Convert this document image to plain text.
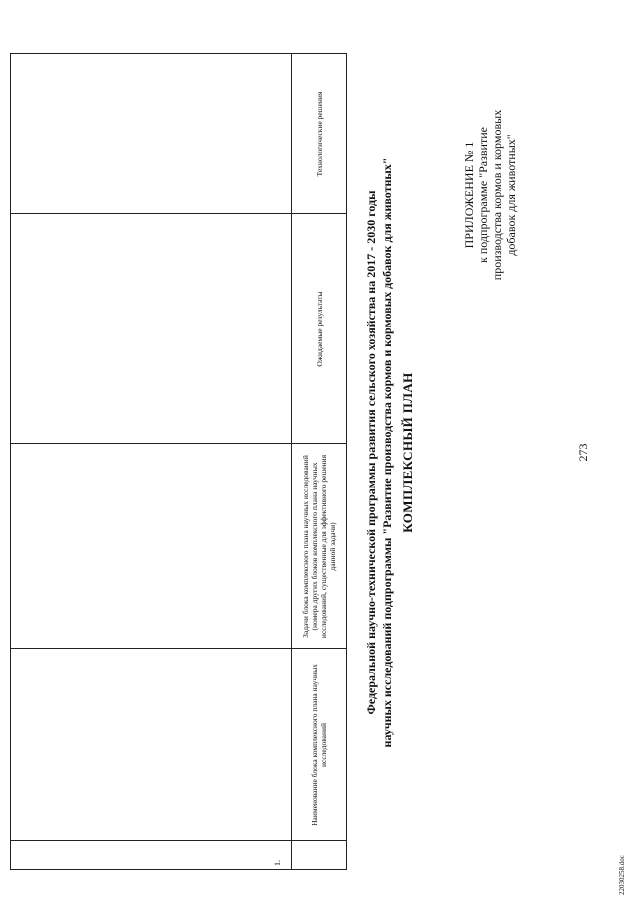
273
ПРИЛОЖЕНИЕ № 1 к подпрограмме "Развитие производства кормов и кормовых добавок для животных"
КОМПЛЕКСНЫЙ ПЛАН
научных исследований подпрограммы "Развитие производства кормов и кормовых добавок для животных"
Федеральной научно-технической программы развития сельского хозяйства на 2017 - 2030 годы
Наименование блока комплексного плана научных исследований
Задачи блока комплексного плана научных исследований (номера других блоков комплексного плана научных исследований, существенные для эффективного решения данной задачи)
Ожидаемые результаты
Технологические решения
1.	22030258.doc
